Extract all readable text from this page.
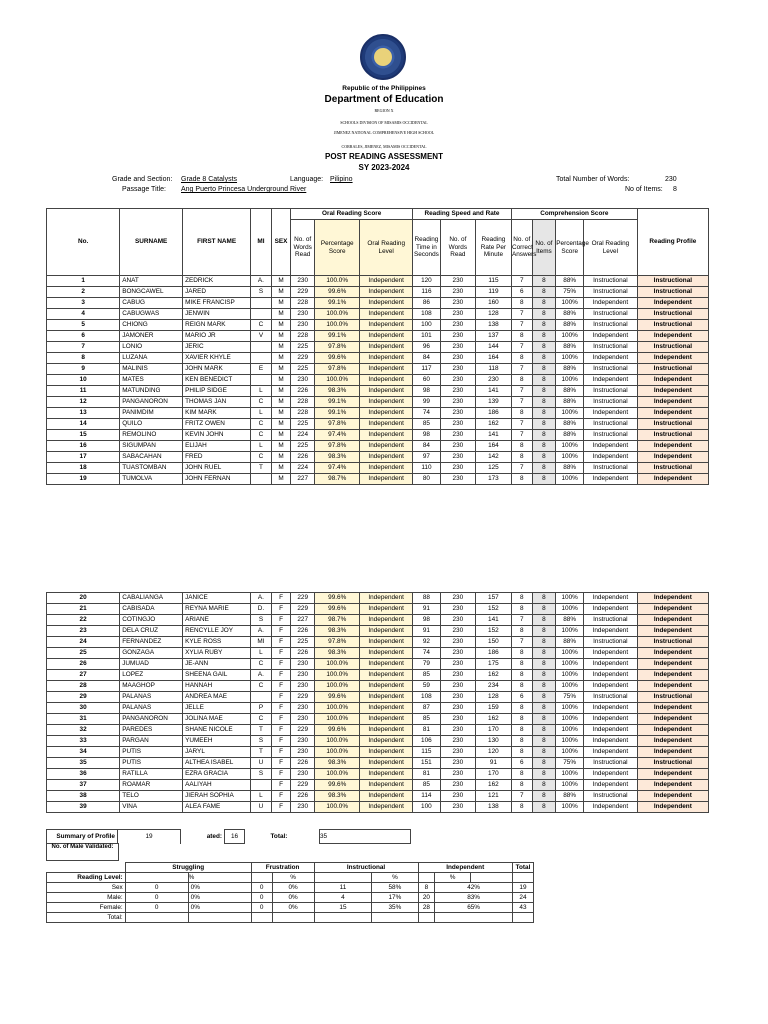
Republic of the Philippines
Department of Education
REGION X
SCHOOLS DIVISION OF MISAMIS OCCIDENTAL
JIMENEZ NATIONAL COMPREHENSIVE HIGH SCHOOL
CORRALES, JIMENEZ, MISAMIS OCCIDENTAL
POST READING ASSESSMENT
SY 2023-2024
Grade and Section: Grade 8 Catalysts	Language: Pilipino	Total Number of Words:	230
Passage Title: Ang Puerto Princesa Underground River	No of Items: 8
No.	SURNAME	FIRST NAME	MI	SEX	Oral Reading Score			Reading Speed and Rate			Comprehension Score				Reading Profile
					No. of Words Read	Percentage Score	Oral Reading Level	Reading Time in Seconds	No. of Words Read	Reading Rate Per Minute	No. of Correct Answers	No. of Items	Percentage Score	Oral Reading Level	
1	ANAT	ZEDRICK	A.	M	230	100.0%	Independent	120	230	115	7	8	88%	Instructional	Instructional
2	BONGCAWEL	JARED	S	M	229	99.6%	Independent	116	230	119	6	8	75%	Instructional	Instructional
3	CABUG	MIKE FRANCISP		M	228	99.1%	Independent	86	230	160	8	8	100%	Independent	Independent
4	CABUGWAS	JENWIN		M	230	100.0%	Independent	108	230	128	7	8	88%	Instructional	Instructional
5	CHIONG	REIGN MARK	C	M	230	100.0%	Independent	100	230	138	7	8	88%	Instructional	Instructional
6	JAMONER	MARIO JR	V	M	228	99.1%	Independent	101	230	137	8	8	100%	Independent	Independent
7	LONIO	JERIC		M	225	97.8%	Independent	96	230	144	7	8	88%	Instructional	Instructional
8	LUZANA	XAVIER KHYLE		M	229	99.6%	Independent	84	230	164	8	8	100%	Independent	Independent
9	MALINIS	JOHN MARK	E	M	225	97.8%	Independent	117	230	118	7	8	88%	Instructional	Instructional
10	MATES	KEN BENEDICT		M	230	100.0%	Independent	60	230	230	8	8	100%	Independent	Independent
11	MATUNDING	PHILIP SIDGE	L	M	226	98.3%	Independent	98	230	141	7	8	88%	Instructional	Independent
12	PANGANORON	THOMAS JAN	C	M	228	99.1%	Independent	99	230	139	7	8	88%	Instructional	Independent
13	PANIMDIM	KIM MARK	L	M	228	99.1%	Independent	74	230	186	8	8	100%	Independent	Independent
14	QUILO	FRITZ OWEN	C	M	225	97.8%	Independent	85	230	162	7	8	88%	Instructional	Instructional
15	REMOLINO	KEVIN JOHN	C	M	224	97.4%	Independent	98	230	141	7	8	88%	Instructional	Instructional
16	SIGUMPAN	ELIJAH	L	M	225	97.8%	Independent	84	230	164	8	8	100%	Independent	Independent
17	SABACAHAN	FRED	C	M	226	98.3%	Independent	97	230	142	8	8	100%	Independent	Independent
18	TUASTOMBAN	JOHN RUEL	T	M	224	97.4%	Independent	110	230	125	7	8	88%	Instructional	Instructional
19	TUMOLVA	JOHN FERNAN		M	227	98.7%	Independent	80	230	173	8	8	100%	Independent	Independent
20	CABALIANGA	JANICE	A.	F	229	99.6%	Independent	88	230	157	8	8	100%	Independent	Independent
21	CABISADA	REYNA MARIE	D.	F	229	99.6%	Independent	91	230	152	8	8	100%	Independent	Independent
22	COTINGJO	ARIANE	S	F	227	98.7%	Independent	98	230	141	7	8	88%	Instructional	Independent
23	DELA CRUZ	RENCYLLE JOY	A.	F	226	98.3%	Independent	91	230	152	8	8	100%	Independent	Independent
24	FERNANDEZ	KYLE ROSS	MI	F	225	97.8%	Independent	92	230	150	7	8	88%	Instructional	Instructional
25	GONZAGA	XYLIA RUBY	L	F	226	98.3%	Independent	74	230	186	8	8	100%	Independent	Independent
26	JUMUAD	JE-ANN	C	F	230	100.0%	Independent	79	230	175	8	8	100%	Independent	Independent
27	LOPEZ	SHEENA GAIL	A.	F	230	100.0%	Independent	85	230	162	8	8	100%	Independent	Independent
28	MAAGHOP	HANNAH	C	F	230	100.0%	Independent	59	230	234	8	8	100%	Independent	Independent
29	PALANAS	ANDREA MAE		F	229	99.6%	Independent	108	230	128	6	8	75%	Instructional	Instructional
30	PALANAS	JELLE	P	F	230	100.0%	Independent	87	230	159	8	8	100%	Independent	Independent
31	PANGANORON	JOLINA MAE	C	F	230	100.0%	Independent	85	230	162	8	8	100%	Independent	Independent
32	PAREDES	SHANE NICOLE	T	F	229	99.6%	Independent	81	230	170	8	8	100%	Independent	Independent
33	PARGAN	YUMEEH	S	F	230	100.0%	Independent	106	230	130	8	8	100%	Independent	Independent
34	PUTIS	JARYL	T	F	230	100.0%	Independent	115	230	120	8	8	100%	Independent	Independent
35	PUTIS	ALTHEA ISABEL	U	F	226	98.3%	Independent	151	230	91	6	8	75%	Instructional	Instructional
36	RATILLA	EZRA GRACIA	S	F	230	100.0%	Independent	81	230	170	8	8	100%	Independent	Independent
37	ROAMAR	AALIYAH		F	229	99.6%	Independent	85	230	162	8	8	100%	Independent	Independent
38	TELO	JIERAH SOPHIA	L	F	226	98.3%	Independent	114	230	121	7	8	88%	Instructional	Independent
39	VINA	ALEA FAME	U	F	230	100.0%	Independent	100	230	138	8	8	100%	Independent	Independent
Summary of Profile	19	ated:	16		Total:	35
No. of Male Validated:
	Struggling		Frustration		Instructional		Independent			Total
Reading Level:		%		%		%		%		
Sex	0	0%	0	0%	11	58%	8	42%		19
Male:	0	0%	0	0%	4	17%	20	83%		24
Female:	0	0%	0	0%	15	35%	28	65%		43
Total:										
